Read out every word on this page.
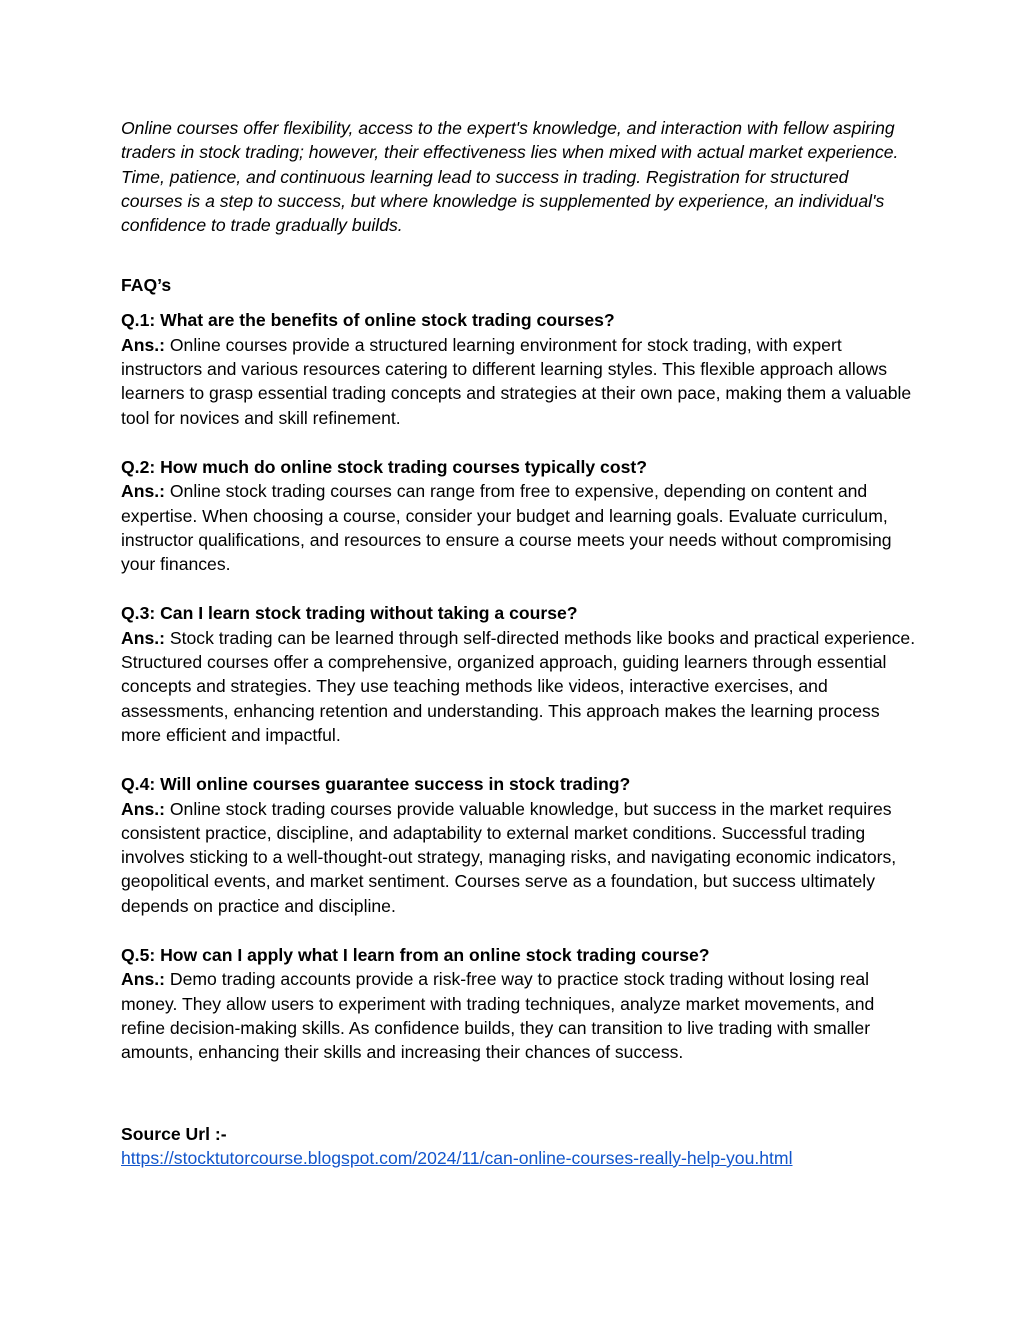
Online courses offer flexibility, access to the expert's knowledge, and interaction with fellow aspiring traders in stock trading; however, their effectiveness lies when mixed with actual market experience. Time, patience, and continuous learning lead to success in trading. Registration for structured courses is a step to success, but where knowledge is supplemented by experience, an individual's confidence to trade gradually builds.

FAQ’s

Q.1: What are the benefits of online stock trading courses?

Ans.: Online courses provide a structured learning environment for stock trading, with expert instructors and various resources catering to different learning styles. This flexible approach allows learners to grasp essential trading concepts and strategies at their own pace, making them a valuable tool for novices and skill refinement.

Q.2: How much do online stock trading courses typically cost?

Ans.: Online stock trading courses can range from free to expensive, depending on content and expertise. When choosing a course, consider your budget and learning goals. Evaluate curriculum, instructor qualifications, and resources to ensure a course meets your needs without compromising your finances.

Q.3: Can I learn stock trading without taking a course?

Ans.: Stock trading can be learned through self-directed methods like books and practical experience. Structured courses offer a comprehensive, organized approach, guiding learners through essential concepts and strategies. They use teaching methods like videos, interactive exercises, and assessments, enhancing retention and understanding. This approach makes the learning process more efficient and impactful.

Q.4: Will online courses guarantee success in stock trading?

Ans.: Online stock trading courses provide valuable knowledge, but success in the market requires consistent practice, discipline, and adaptability to external market conditions. Successful trading involves sticking to a well-thought-out strategy, managing risks, and navigating economic indicators, geopolitical events, and market sentiment. Courses serve as a foundation, but success ultimately depends on practice and discipline.

Q.5: How can I apply what I learn from an online stock trading course?

Ans.: Demo trading accounts provide a risk-free way to practice stock trading without losing real money. They allow users to experiment with trading techniques, analyze market movements, and refine decision-making skills. As confidence builds, they can transition to live trading with smaller amounts, enhancing their skills and increasing their chances of success.

Source Url :-

https://stocktutorcourse.blogspot.com/2024/11/can-online-courses-really-help-you.html
